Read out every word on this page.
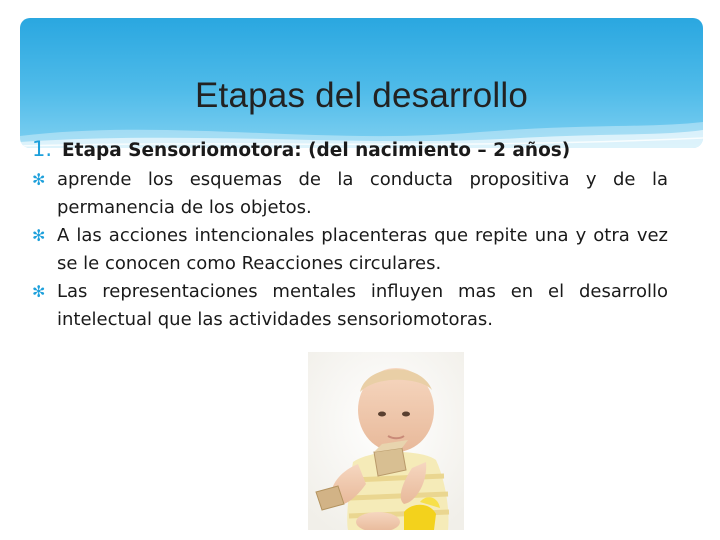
Etapas del desarrollo
1. Etapa Sensoriomotora: (del nacimiento – 2 años)
✻ aprende los esquemas de la conducta propositiva y de la permanencia de los objetos.
✻ A las acciones intencionales placenteras que repite una y otra vez se le conocen como Reacciones circulares.
✻ Las representaciones mentales influyen mas en el desarrollo intelectual que las actividades sensoriomotoras.
